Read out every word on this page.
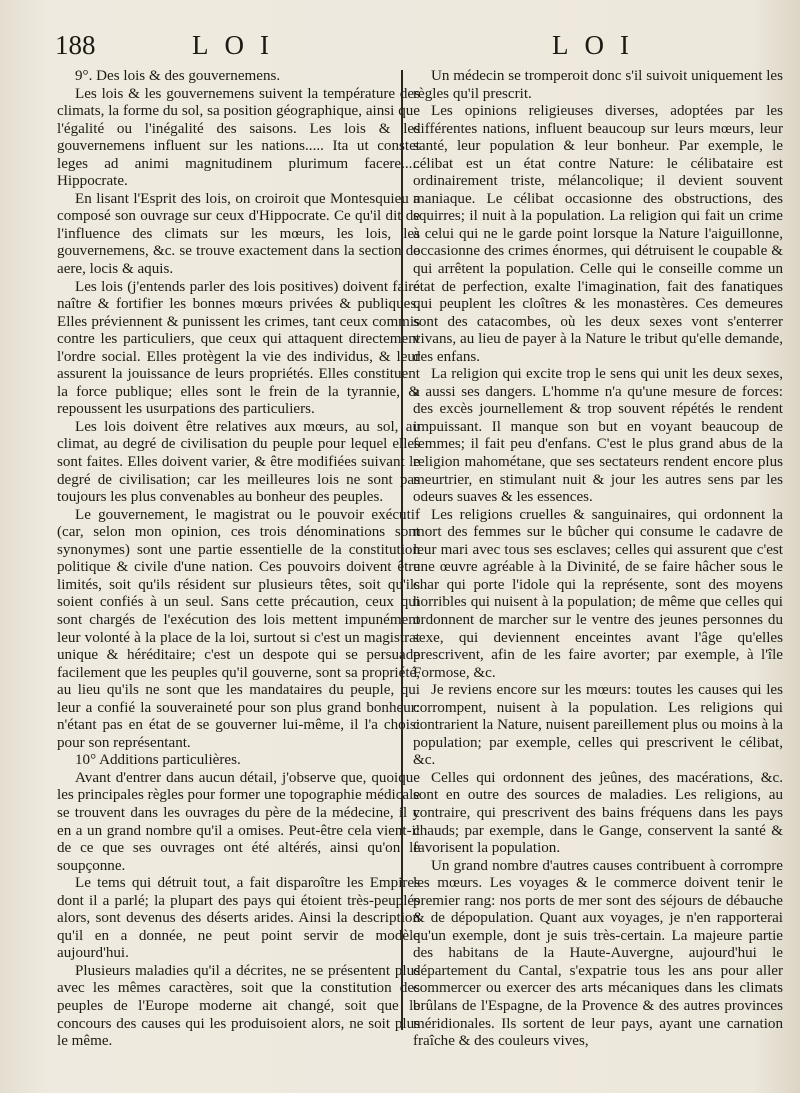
188	LOI	LOI

9°. Des lois & des gouvernemens.

Les lois & les gouvernemens suivent la température des climats, la forme du sol, sa position géographique, ainsi que l'égalité ou l'inégalité des saisons. Les lois & les gouvernemens influent sur les nations..... Ita ut constet leges ad animi magnitudinem plurimum facere..... Hippocrate.

En lisant l'Esprit des lois, on croiroit que Montesquieu a composé son ouvrage sur ceux d'Hippocrate. Ce qu'il dit de l'influence des climats sur les mœurs, les lois, les gouvernemens, &c. se trouve exactement dans la section de aere, locis & aquis.

Les lois (j'entends parler des lois positives) doivent faire naître & fortifier les bonnes mœurs privées & publiques. Elles préviennent & punissent les crimes, tant ceux commis contre les particuliers, que ceux qui attaquent directement l'ordre social. Elles protègent la vie des individus, & leur assurent la jouissance de leurs propriétés. Elles constituent la force publique; elles sont le frein de la tyrannie, & repoussent les usurpations des particuliers.

Les lois doivent être relatives aux mœurs, au sol, au climat, au degré de civilisation du peuple pour lequel elles sont faites. Elles doivent varier, & être modifiées suivant le degré de civilisation; car les meilleures lois ne sont pas toujours les plus convenables au bonheur des peuples.

Le gouvernement, le magistrat ou le pouvoir exécutif (car, selon mon opinion, ces trois dénominations sont synonymes) sont une partie essentielle de la constitution politique & civile d'une nation. Ces pouvoirs doivent être limités, soit qu'ils résident sur plusieurs têtes, soit qu'ils soient confiés à un seul. Sans cette précaution, ceux qui sont chargés de l'exécution des lois mettent impunément leur volonté à la place de la loi, surtout si c'est un magistrat unique & héréditaire; c'est un despote qui se persuade facilement que les peuples qu'il gouverne, sont sa propriété, au lieu qu'ils ne sont que les mandataires du peuple, qui leur a confié la souveraineté pour son plus grand bonheur: n'étant pas en état de se gouverner lui-même, il l'a choisi pour son représentant.

10° Additions particulières.

Avant d'entrer dans aucun détail, j'observe que, quoique les principales règles pour former une topographie médicale se trouvent dans les ouvrages du père de la médecine, il y en a un grand nombre qu'il a omises. Peut-être cela vient-il de ce que ses ouvrages ont été altérés, ainsi qu'on le soupçonne.

Le tems qui détruit tout, a fait disparoître les Empires dont il a parlé; la plupart des pays qui étoient très-peuplés alors, sont devenus des déserts arides. Ainsi la description qu'il en a donnée, ne peut point servir de modèle aujourd'hui.

Plusieurs maladies qu'il a décrites, ne se présentent plus avec les mêmes caractères, soit que la constitution des peuples de l'Europe moderne ait changé, soit que le concours des causes qui les produisoient alors, ne soit plus le même.

Un médecin se tromperoit donc s'il suivoit uniquement les règles qu'il prescrit.

Les opinions religieuses diverses, adoptées par les différentes nations, influent beaucoup sur leurs mœurs, leur santé, leur population & leur bonheur. Par exemple, le célibat est un état contre Nature: le célibataire est ordinairement triste, mélancolique; il devient souvent maniaque. Le célibat occasionne des obstructions, des squirres; il nuit à la population. La religion qui fait un crime à celui qui ne le garde point lorsque la Nature l'aiguillonne, occasionne des crimes énormes, qui détruisent le coupable & qui arrêtent la population. Celle qui le conseille comme un état de perfection, exalte l'imagination, fait des fanatiques qui peuplent les cloîtres & les monastères. Ces demeures sont des catacombes, où les deux sexes vont s'enterrer vivans, au lieu de payer à la Nature le tribut qu'elle demande, des enfans.

La religion qui excite trop le sens qui unit les deux sexes, a aussi ses dangers. L'homme n'a qu'une mesure de forces: des excès journellement & trop souvent répétés le rendent impuissant. Il manque son but en voyant beaucoup de femmes; il fait peu d'enfans. C'est le plus grand abus de la religion mahométane, que ses sectateurs rendent encore plus meurtrier, en stimulant nuit & jour les autres sens par les odeurs suaves & les essences.

Les religions cruelles & sanguinaires, qui ordonnent la mort des femmes sur le bûcher qui consume le cadavre de leur mari avec tous ses esclaves; celles qui assurent que c'est une œuvre agréable à la Divinité, de se faire hâcher sous le char qui porte l'idole qui la représente, sont des moyens horribles qui nuisent à la population; de même que celles qui ordonnent de marcher sur le ventre des jeunes personnes du sexe, qui deviennent enceintes avant l'âge qu'elles prescrivent, afin de les faire avorter; par exemple, à l'île Formose, &c.

Je reviens encore sur les mœurs: toutes les causes qui les corrompent, nuisent à la population. Les religions qui contrarient la Nature, nuisent pareillement plus ou moins à la population; par exemple, celles qui prescrivent le célibat, &c.

Celles qui ordonnent des jeûnes, des macérations, &c. sont en outre des sources de maladies. Les religions, au contraire, qui prescrivent des bains fréquens dans les pays chauds; par exemple, dans le Gange, conservent la santé & favorisent la population.

Un grand nombre d'autres causes contribuent à corrompre les mœurs. Les voyages & le commerce doivent tenir le premier rang: nos ports de mer sont des séjours de débauche & de dépopulation. Quant aux voyages, je n'en rapporterai qu'un exemple, dont je suis très-certain. La majeure partie des habitans de la Haute-Auvergne, aujourd'hui le département du Cantal, s'expatrie tous les ans pour aller commercer ou exercer des arts mécaniques dans les climats brûlans de l'Espagne, de la Provence & des autres provinces méridionales. Ils sortent de leur pays, ayant une carnation fraîche & des couleurs vives,
